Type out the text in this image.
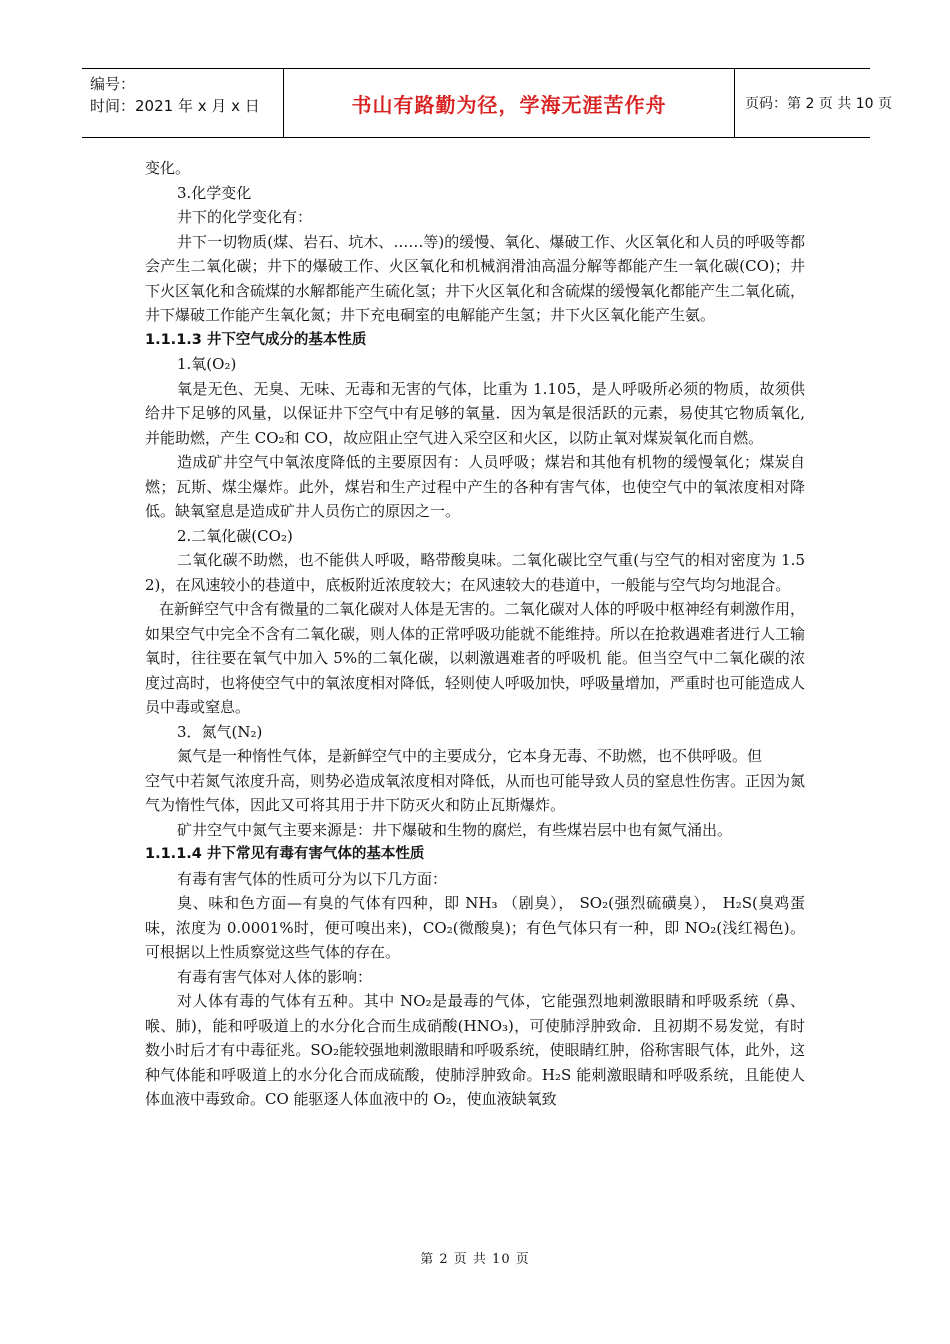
编号：
时间：2021 年 x 月 x 日	书山有路勤为径，学海无涯苦作舟	页码：第 2 页 共 10 页

变化。

3.化学变化

井下的化学变化有：

井下一切物质(煤、岩石、坑木、……等)的缓慢、氧化、爆破工作、火区氧化和人员的呼吸等都会产生二氧化碳；井下的爆破工作、火区氧化和机械润滑油高温分解等都能产生一氧化碳(CO)；井下火区氧化和含硫煤的水解都能产生硫化氢；井下火区氧化和含硫煤的缓慢氧化都能产生二氧化硫，井下爆破工作能产生氧化氮；井下充电硐室的电解能产生氢；井下火区氧化能产生氨。

1.1.1.3 井下空气成分的基本性质

1.氧(O₂)

氧是无色、无臭、无味、无毒和无害的气体，比重为 1.105，是人呼吸所必须的物质，故须供给井下足够的风量，以保证井下空气中有足够的氧量．因为氧是很活跃的元素，易使其它物质氧化,并能助燃，产生 CO₂和 CO，故应阻止空气进入采空区和火区，以防止氧对煤炭氧化而自燃。

造成矿井空气中氧浓度降低的主要原因有：人员呼吸；煤岩和其他有机物的缓慢氧化；煤炭自燃；瓦斯、煤尘爆炸。此外，煤岩和生产过程中产生的各种有害气体，也使空气中的氧浓度相对降低。缺氧窒息是造成矿井人员伤亡的原因之一。

2.二氧化碳(CO₂)

二氧化碳不助燃，也不能供人呼吸，略带酸臭味。二氧化碳比空气重(与空气的相对密度为 1.52)，在风速较小的巷道中，底板附近浓度较大；在风速较大的巷道中，一般能与空气均匀地混合。

在新鲜空气中含有微量的二氧化碳对人体是无害的。二氧化碳对人体的呼吸中枢神经有刺激作用，如果空气中完全不含有二氧化碳，则人体的正常呼吸功能就不能维持。所以在抢救遇难者进行人工输氧时，往往要在氧气中加入 5%的二氧化碳，以刺激遇难者的呼吸机 能。但当空气中二氧化碳的浓度过高时，也将使空气中的氧浓度相对降低，轻则使人呼吸加快，呼吸量增加，严重时也可能造成人员中毒或窒息。

3．氮气(N₂)

氮气是一种惰性气体，是新鲜空气中的主要成分，它本身无毒、不助燃，也不供呼吸。但

空气中若氮气浓度升高，则势必造成氧浓度相对降低，从而也可能导致人员的窒息性伤害。正因为氮气为惰性气体，因此又可将其用于井下防灭火和防止瓦斯爆炸。

矿井空气中氮气主要来源是：井下爆破和生物的腐烂，有些煤岩层中也有氮气涌出。

1.1.1.4 井下常见有毒有害气体的基本性质

有毒有害气体的性质可分为以下几方面：

臭、味和色方面—有臭的气体有四种，即 NH₃ （剧臭）， SO₂(强烈硫磺臭）， H₂S(臭鸡蛋味，浓度为 0.0001%时，便可嗅出来)，CO₂(微酸臭)；有色气体只有一种，即 NO₂(浅红褐色)。可根据以上性质察觉这些气体的存在。

有毒有害气体对人体的影响：

对人体有毒的气体有五种。其中 NO₂是最毒的气体，它能强烈地刺激眼睛和呼吸系统（鼻、喉、肺)，能和呼吸道上的水分化合而生成硝酸(HNO₃)，可使肺浮肿致命．且初期不易发觉，有时数小时后才有中毒征兆。SO₂能较强地刺激眼睛和呼吸系统，使眼睛红肿，俗称害眼气体，此外，这种气体能和呼吸道上的水分化合而成硫酸，使肺浮肿致命。H₂S 能刺激眼睛和呼吸系统，且能使人体血液中毒致命。CO 能驱逐人体血液中的 O₂，使血液缺氧致

第 2 页 共 10 页
